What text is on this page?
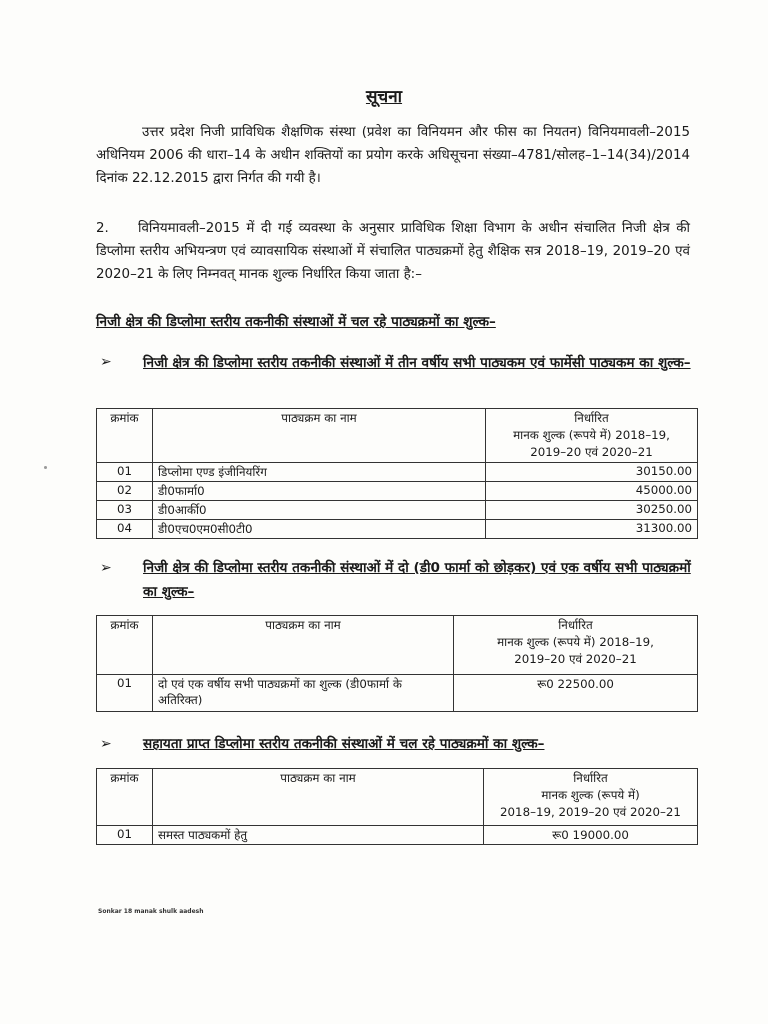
सूचना
उत्तर प्रदेश निजी प्राविधिक शैक्षणिक संस्था (प्रवेश का विनियमन और फीस का नियतन) विनियमावली–2015 अधिनियम 2006 की धारा–14 के अधीन शक्तियों का प्रयोग करके अधिसूचना संख्या–4781/सोलह–1–14(34)/2014 दिनांक 22.12.2015 द्वारा निर्गत की गयी है।
2. विनियमावली–2015 में दी गई व्यवस्था के अनुसार प्राविधिक शिक्षा विभाग के अधीन संचालित निजी क्षेत्र की डिप्लोमा स्तरीय अभियन्त्रण एवं व्यावसायिक संस्थाओं में संचालित पाठ्यक्रमों हेतु शैक्षिक सत्र 2018–19, 2019–20 एवं 2020–21 के लिए निम्नवत् मानक शुल्क निर्धारित किया जाता है:–
निजी क्षेत्र की डिप्लोमा स्तरीय तकनीकी संस्थाओं में चल रहे पाठ्यक्रमों का शुल्क–
➢ निजी क्षेत्र की डिप्लोमा स्तरीय तकनीकी संस्थाओं में तीन वर्षीय सभी पाठ्यकम एवं फार्मेसी पाठ्यकम का शुल्क–
क्रमांक	पाठ्यक्रम का नाम	निर्धारित
मानक शुल्क (रूपये में) 2018–19,
2019–20 एवं 2020–21

01	डिप्लोमा एण्ड इंजीनियरिंग	30150.00
02	डी0फार्मा0	45000.00
03	डी0आर्की0	30250.00
04	डी0एच0एम0सी0टी0	31300.00
➢ निजी क्षेत्र की डिप्लोमा स्तरीय तकनीकी संस्थाओं में दो (डी0 फार्मा को छोड़कर) एवं एक वर्षीय सभी पाठ्यक्रमों का शुल्क–
क्रमांक	पाठ्यक्रम का नाम	निर्धारित
मानक शुल्क (रूपये में) 2018–19,
2019–20 एवं 2020–21

01	दो एवं एक वर्षीय सभी पाठ्यक्रमों का शुल्क (डी0फार्मा के अतिरिक्त)	रू0 22500.00
➢ सहायता प्राप्त डिप्लोमा स्तरीय तकनीकी संस्थाओं में चल रहे पाठ्यक्रमों का शुल्क–
क्रमांक	पाठ्यक्रम का नाम	निर्धारित
मानक शुल्क (रूपये में)
2018–19, 2019–20 एवं 2020–21

01	समस्त पाठ्यकमों हेतु	रू0 19000.00
Sonkar 18 manak shulk aadesh
